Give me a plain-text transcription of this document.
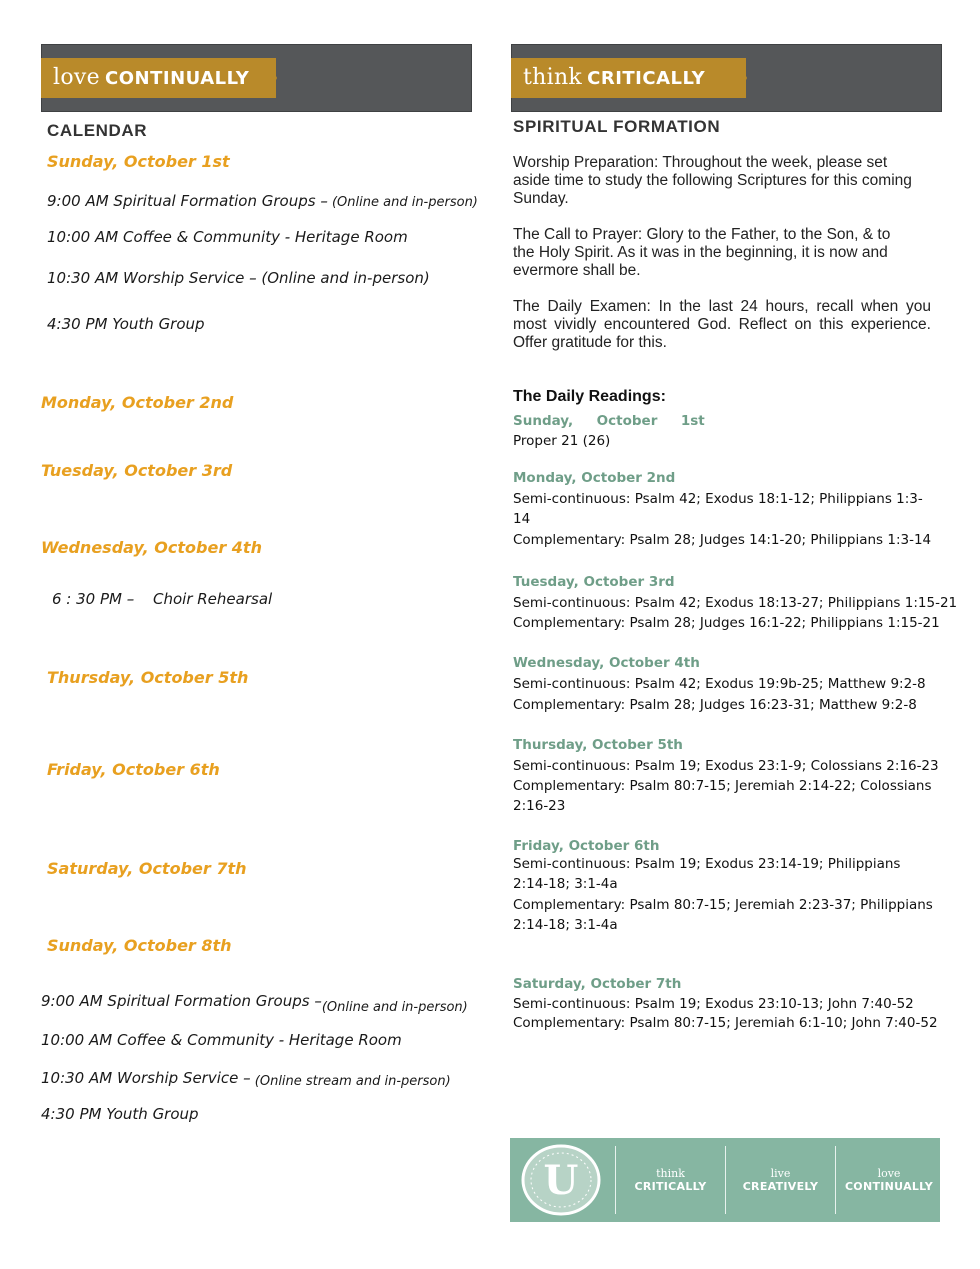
love CONTINUALLY	think CRITICALLY
CALENDAR
Sunday, October 1st
9:00 AM Spiritual Formation Groups – (Online and in-person)
10:00 AM Coffee & Community - Heritage Room
10:30 AM Worship Service – (Online and in-person)
4:30 PM Youth Group
Monday, October 2nd
Tuesday, October 3rd
Wednesday, October 4th
6 : 30 PM – Choir Rehearsal
Thursday, October 5th
Friday, October 6th
Saturday, October 7th
Sunday, October 8th
9:00 AM Spiritual Formation Groups –(Online and in-person)
10:00 AM Coffee & Community - Heritage Room
10:30 AM Worship Service – (Online stream and in-person)
4:30 PM Youth Group
SPIRITUAL FORMATION
Worship Preparation: Throughout the week, please set aside time to study the following Scriptures for this coming Sunday.
The Call to Prayer: Glory to the Father, to the Son, & to the Holy Spirit. As it was in the beginning, it is now and evermore shall be.
The Daily Examen: In the last 24 hours, recall when you most vividly encountered God. Reflect on this experience. Offer gratitude for this.
The Daily Readings:
Sunday,     October     1st
Proper 21 (26)
Monday, October 2nd
Semi-continuous: Psalm 42; Exodus 18:1-12; Philippians 1:3-14
Complementary: Psalm 28; Judges 14:1-20; Philippians 1:3-14
Tuesday, October 3rd
Semi-continuous: Psalm 42; Exodus 18:13-27; Philippians 1:15-21
Complementary: Psalm 28; Judges 16:1-22; Philippians 1:15-21
Wednesday, October 4th
Semi-continuous: Psalm 42; Exodus 19:9b-25; Matthew 9:2-8
Complementary: Psalm 28; Judges 16:23-31; Matthew 9:2-8
Thursday, October 5th
Semi-continuous: Psalm 19; Exodus 23:1-9; Colossians 2:16-23
Complementary: Psalm 80:7-15; Jeremiah 2:14-22; Colossians 2:16-23
Friday, October 6th
Semi-continuous: Psalm 19; Exodus 23:14-19; Philippians 2:14-18; 3:1-4a
Complementary: Psalm 80:7-15; Jeremiah 2:23-37; Philippians 2:14-18; 3:1-4a
Saturday, October 7th
Semi-continuous: Psalm 19; Exodus 23:10-13; John 7:40-52
Complementary: Psalm 80:7-15; Jeremiah 6:1-10; John 7:40-52
U	think
CRITICALLY
live
CREATIVELY
love
CONTINUALLY
